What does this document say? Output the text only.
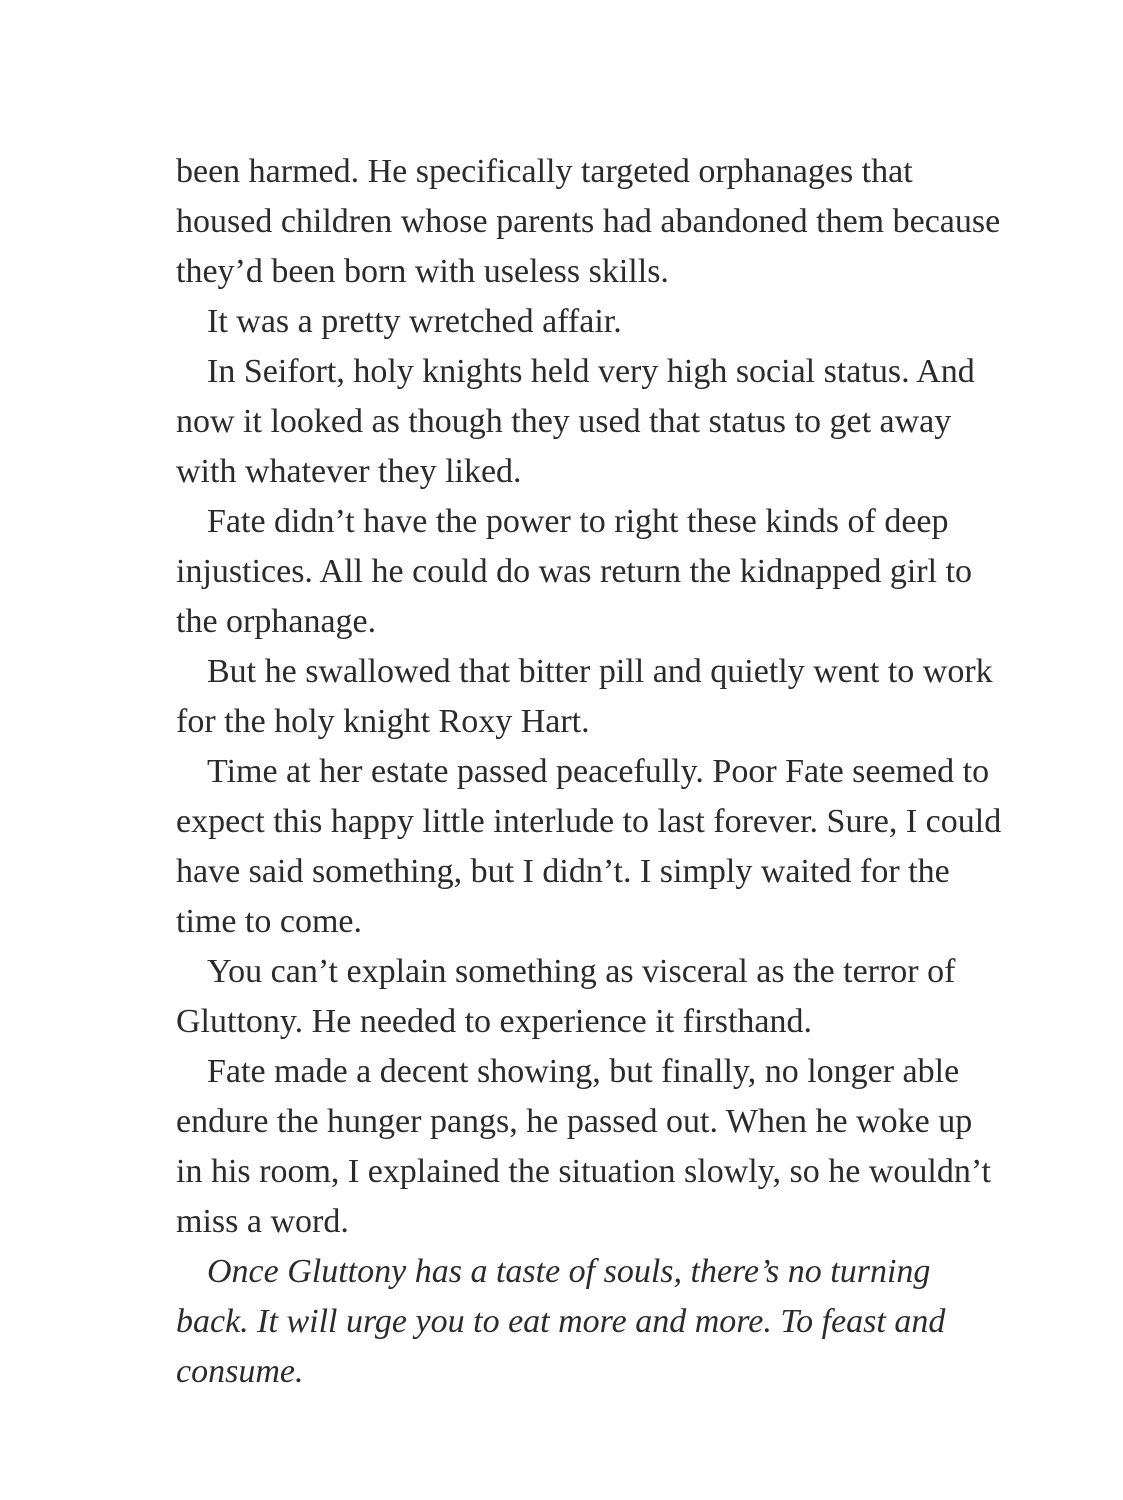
been harmed. He specifically targeted orphanages that housed children whose parents had abandoned them because they’d been born with useless skills.

It was a pretty wretched affair.

In Seifort, holy knights held very high social status. And now it looked as though they used that status to get away with whatever they liked.

Fate didn’t have the power to right these kinds of deep injustices. All he could do was return the kidnapped girl to the orphanage.

But he swallowed that bitter pill and quietly went to work for the holy knight Roxy Hart.

Time at her estate passed peacefully. Poor Fate seemed to expect this happy little interlude to last forever. Sure, I could have said something, but I didn’t. I simply waited for the time to come.

You can’t explain something as visceral as the terror of Gluttony. He needed to experience it firsthand.

Fate made a decent showing, but finally, no longer able endure the hunger pangs, he passed out. When he woke up in his room, I explained the situation slowly, so he wouldn’t miss a word.

Once Gluttony has a taste of souls, there’s no turning back. It will urge you to eat more and more. To feast and consume.
